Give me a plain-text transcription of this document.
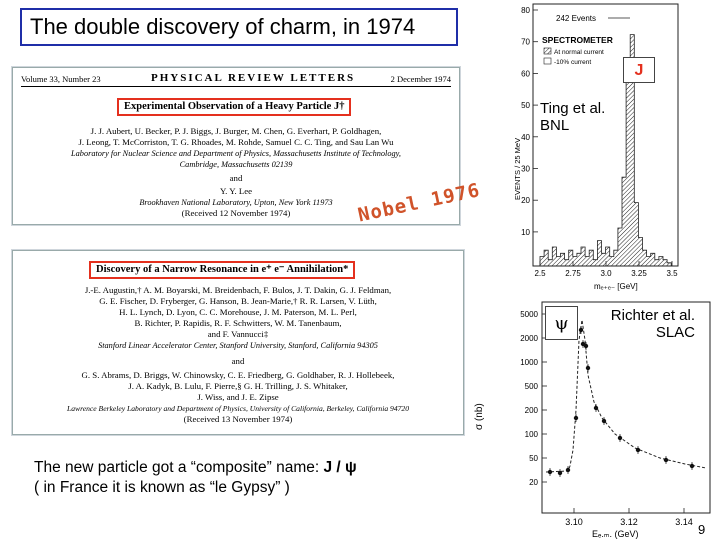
The double discovery of charm, in 1974
80
70
60
50
40
30
20
10
2.5 2.75 3.0 3.25 3.5
242 Events
SPECTROMETER
At normal current
-10% current
EVENTS / 25 MeV
mₑ₊ₑ₋ [GeV]
5000
2000
1000
500
200
100
50
20
3.10	3.12	3.14
σ (nb)
Eₑ.ₘ. (GeV)
Volume 33, Number 23	PHYSICAL REVIEW LETTERS	2 December 1974
Experimental Observation of a Heavy Particle J†
J. J. Aubert, U. Becker, P. J. Biggs, J. Burger, M. Chen, G. Everhart, P. Goldhagen,
J. Leong, T. McCorriston, T. G. Rhoades, M. Rohde, Samuel C. C. Ting, and Sau Lan Wu
Laboratory for Nuclear Science and Department of Physics, Massachusetts Institute of Technology,
Cambridge, Massachusetts 02139
and
Y. Y. Lee
Brookhaven National Laboratory, Upton, New York 11973
(Received 12 November 1974)	Nobel 1976
Discovery of a Narrow Resonance in e⁺ e⁻ Annihilation*
J.-E. Augustin,† A. M. Boyarski, M. Breidenbach, F. Bulos, J. T. Dakin, G. J. Feldman,
G. E. Fischer, D. Fryberger, G. Hanson, B. Jean-Marie,† R. R. Larsen, V. Lüth,
H. L. Lynch, D. Lyon, C. C. Morehouse, J. M. Paterson, M. L. Perl,
B. Richter, P. Rapidis, R. F. Schwitters, W. M. Tanenbaum,
and F. Vannucci‡
Stanford Linear Accelerator Center, Stanford University, Stanford, California 94305
and
G. S. Abrams, D. Briggs, W. Chinowsky, C. E. Friedberg, G. Goldhaber, R. J. Hollebeek,
J. A. Kadyk, B. Lulu, F. Pierre,§ G. H. Trilling, J. S. Whitaker,
J. Wiss, and J. E. Zipse
Lawrence Berkeley Laboratory and Department of Physics, University of California, Berkeley, California 94720
(Received 13 November 1974)
J
Ting et al.
BNL
ψ	Richter et al.
SLAC
The new particle got a “composite” name: J / ψ
( in France it is known as “le Gypsy” )
9
